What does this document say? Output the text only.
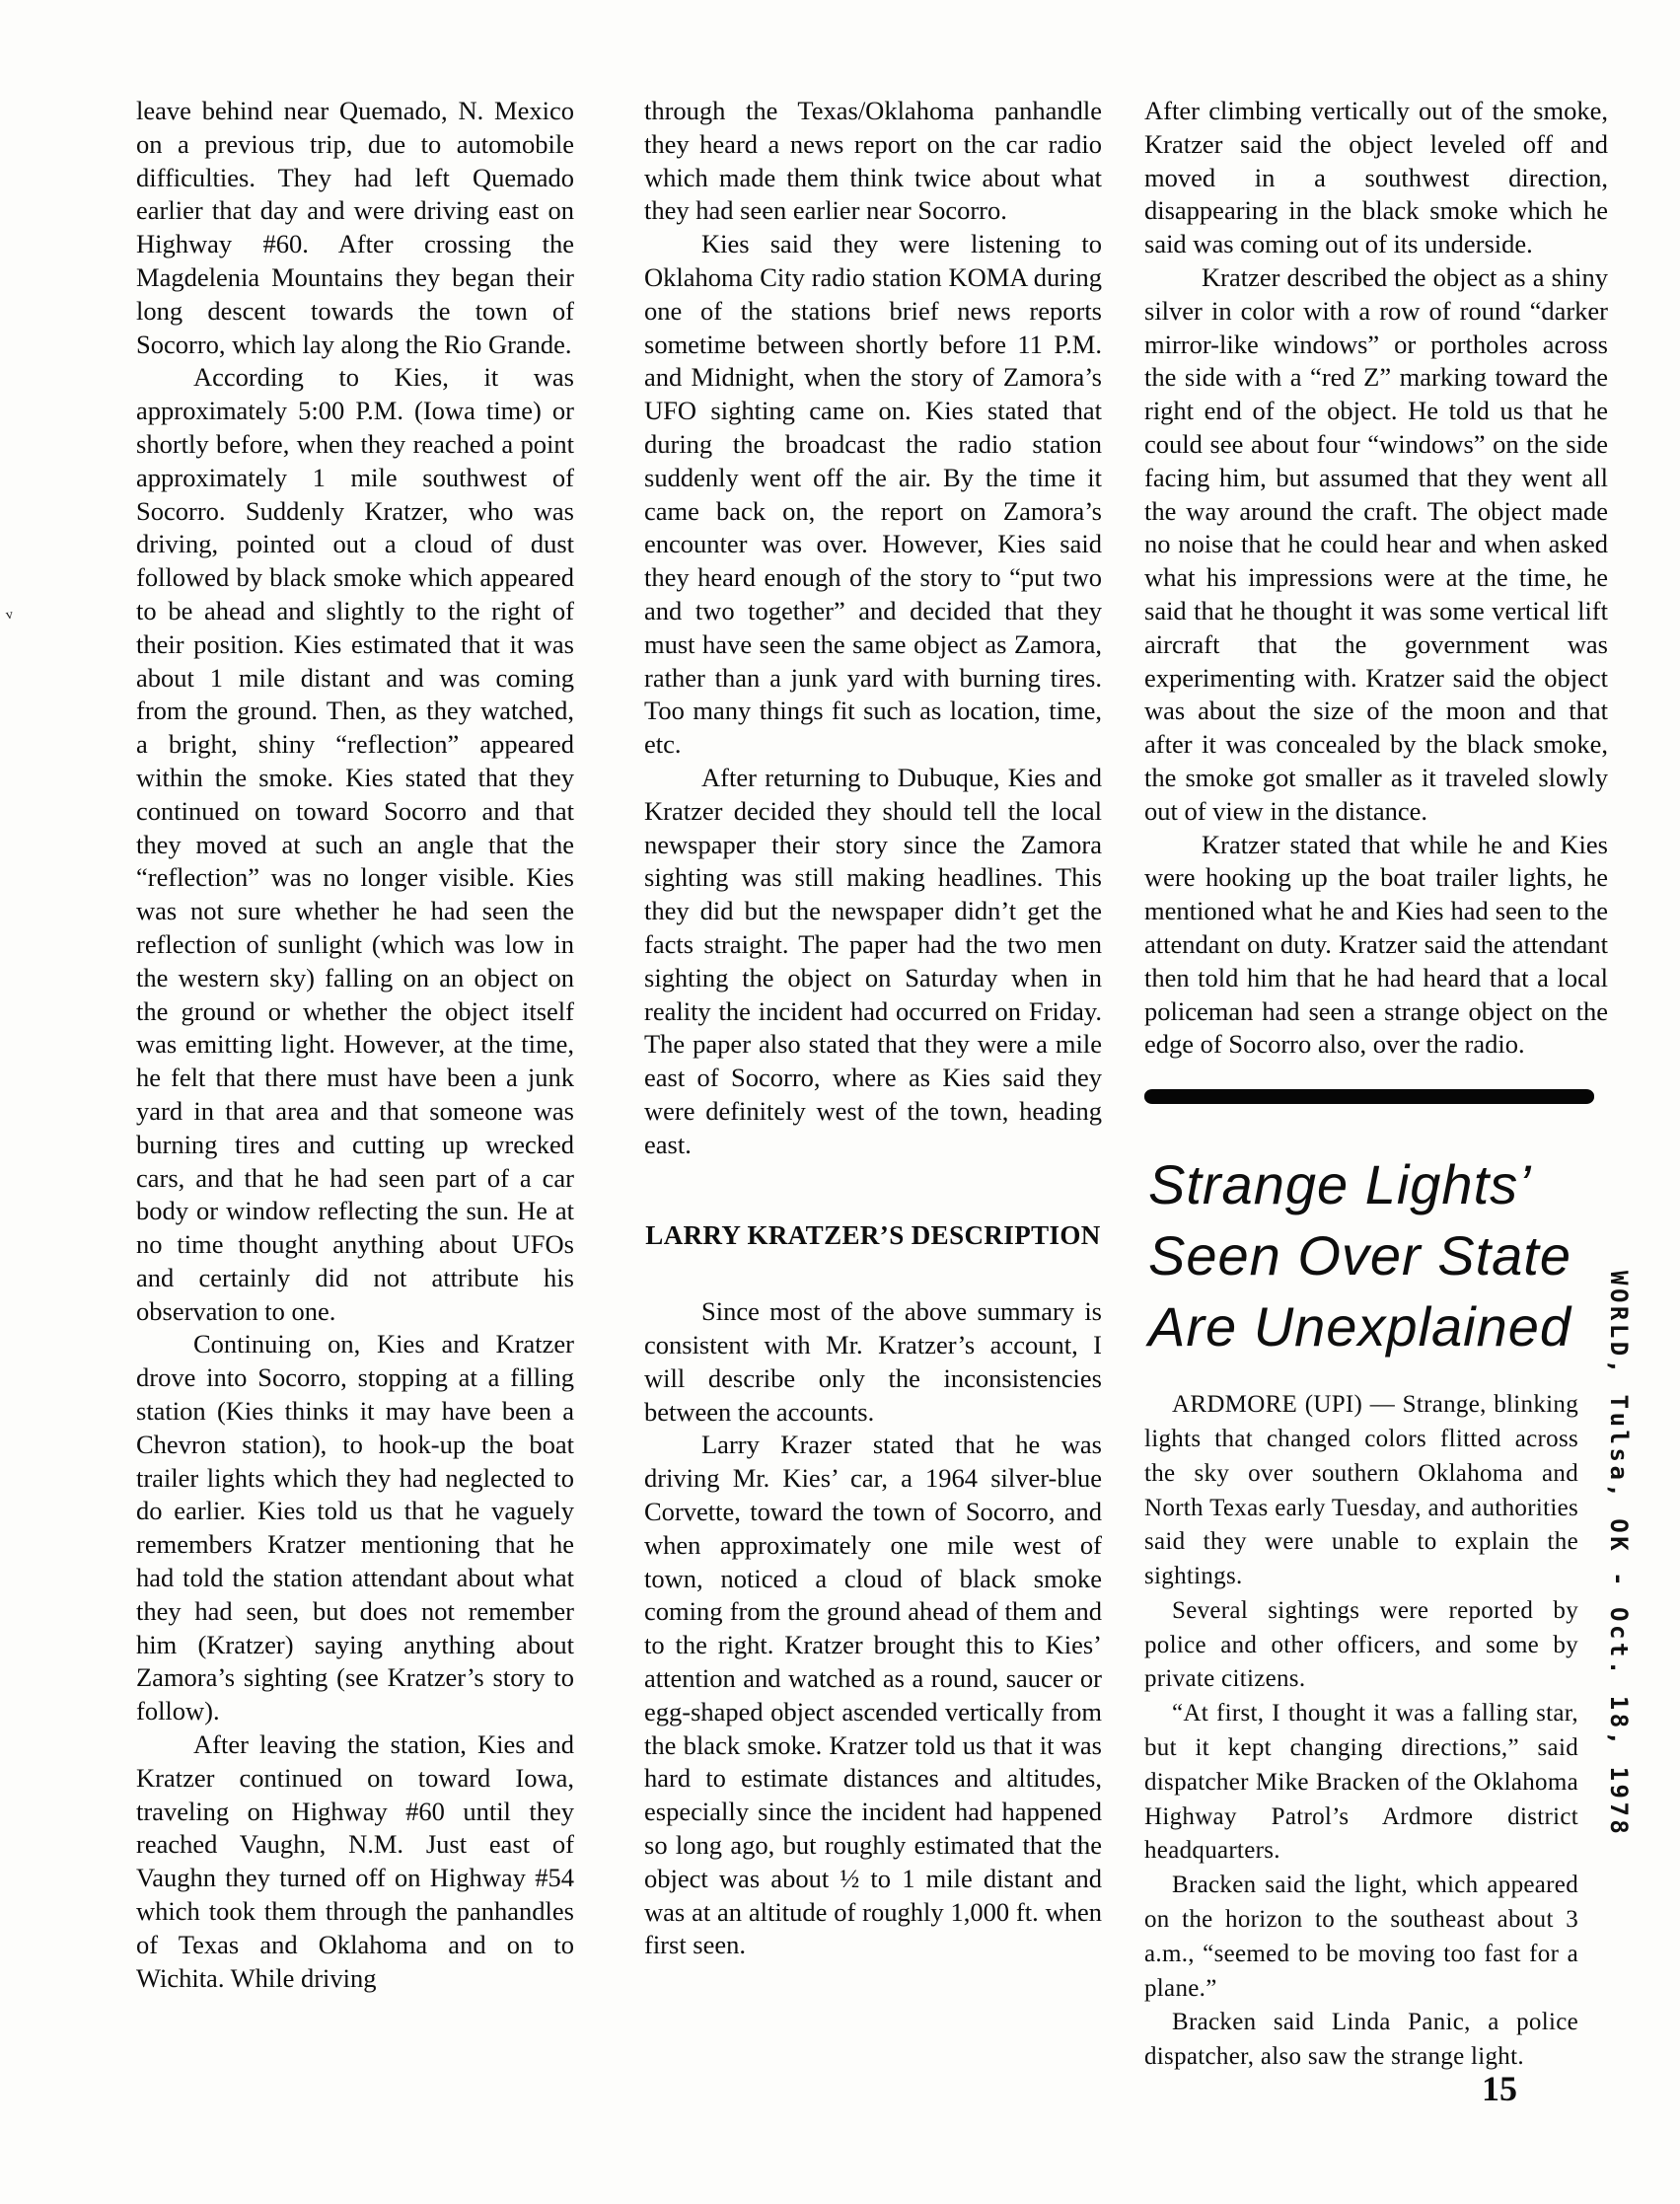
v

leave behind near Quemado, N. Mexico on a previous trip, due to automobile difficulties. They had left Quemado earlier that day and were driving east on Highway #60. After crossing the Magdelenia Mountains they began their long descent towards the town of Socorro, which lay along the Rio Grande.

According to Kies, it was approximately 5:00 P.M. (Iowa time) or shortly before, when they reached a point approximately 1 mile southwest of Socorro. Suddenly Kratzer, who was driving, pointed out a cloud of dust followed by black smoke which appeared to be ahead and slightly to the right of their position. Kies estimated that it was about 1 mile distant and was coming from the ground. Then, as they watched, a bright, shiny “reflection” appeared within the smoke. Kies stated that they continued on toward Socorro and that they moved at such an angle that the “reflection” was no longer visible. Kies was not sure whether he had seen the reflection of sunlight (which was low in the western sky) falling on an object on the ground or whether the object itself was emitting light. However, at the time, he felt that there must have been a junk yard in that area and that someone was burning tires and cutting up wrecked cars, and that he had seen part of a car body or window reflecting the sun. He at no time thought anything about UFOs and certainly did not attribute his observation to one.

Continuing on, Kies and Kratzer drove into Socorro, stopping at a filling station (Kies thinks it may have been a Chevron station), to hook-up the boat trailer lights which they had neglected to do earlier. Kies told us that he vaguely remembers Kratzer mentioning that he had told the station attendant about what they had seen, but does not remember him (Kratzer) saying anything about Zamora’s sighting (see Kratzer’s story to follow).

After leaving the station, Kies and Kratzer continued on toward Iowa, traveling on Highway #60 until they reached Vaughn, N.M. Just east of Vaughn they turned off on Highway #54 which took them through the panhandles of Texas and Oklahoma and on to Wichita. While driving

through the Texas/Oklahoma panhandle they heard a news report on the car radio which made them think twice about what they had seen earlier near Socorro.

Kies said they were listening to Oklahoma City radio station KOMA during one of the stations brief news reports sometime between shortly before 11 P.M. and Midnight, when the story of Zamora’s UFO sighting came on. Kies stated that during the broadcast the radio station suddenly went off the air. By the time it came back on, the report on Zamora’s encounter was over. However, Kies said they heard enough of the story to “put two and two together” and decided that they must have seen the same object as Zamora, rather than a junk yard with burning tires. Too many things fit such as location, time, etc.

After returning to Dubuque, Kies and Kratzer decided they should tell the local newspaper their story since the Zamora sighting was still making headlines. This they did but the newspaper didn’t get the facts straight. The paper had the two men sighting the object on Saturday when in reality the incident had occurred on Friday. The paper also stated that they were a mile east of Socorro, where as Kies said they were definitely west of the town, heading east.

LARRY KRATZER’S DESCRIPTION

Since most of the above summary is consistent with Mr. Kratzer’s account, I will describe only the inconsistencies between the accounts.

Larry Krazer stated that he was driving Mr. Kies’ car, a 1964 silver-blue Corvette, toward the town of Socorro, and when approximately one mile west of town, noticed a cloud of black smoke coming from the ground ahead of them and to the right. Kratzer brought this to Kies’ attention and watched as a round, saucer or egg-shaped object ascended vertically from the black smoke. Kratzer told us that it was hard to estimate distances and altitudes, especially since the incident had happened so long ago, but roughly estimated that the object was about ½ to 1 mile distant and was at an altitude of roughly 1,000 ft. when first seen.

After climbing vertically out of the smoke, Kratzer said the object leveled off and moved in a southwest direction, disappearing in the black smoke which he said was coming out of its underside.

Kratzer described the object as a shiny silver in color with a row of round “darker mirror-like windows” or portholes across the side with a “red Z” marking toward the right end of the object. He told us that he could see about four “windows” on the side facing him, but assumed that they went all the way around the craft. The object made no noise that he could hear and when asked what his impressions were at the time, he said that he thought it was some vertical lift aircraft that the government was experimenting with. Kratzer said the object was about the size of the moon and that after it was concealed by the black smoke, the smoke got smaller as it traveled slowly out of view in the distance.

Kratzer stated that while he and Kies were hooking up the boat trailer lights, he mentioned what he and Kies had seen to the attendant on duty. Kratzer said the attendant then told him that he had heard that a local policeman had seen a strange object on the edge of Socorro also, over the radio.

Strange Lights’
Seen Over State
Are Unexplained

ARDMORE (UPI) — Strange, blinking lights that changed colors flitted across the sky over southern Oklahoma and North Texas early Tuesday, and authorities said they were unable to explain the sightings.

Several sightings were reported by police and other officers, and some by private citizens.

“At first, I thought it was a falling star, but it kept changing directions,” said dispatcher Mike Bracken of the Oklahoma Highway Patrol’s Ardmore district headquarters.

Bracken said the light, which appeared on the horizon to the southeast about 3 a.m., “seemed to be moving too fast for a plane.”

Bracken said Linda Panic, a police dispatcher, also saw the strange light.

WORLD, Tulsa, OK - Oct. 18, 1978
15
